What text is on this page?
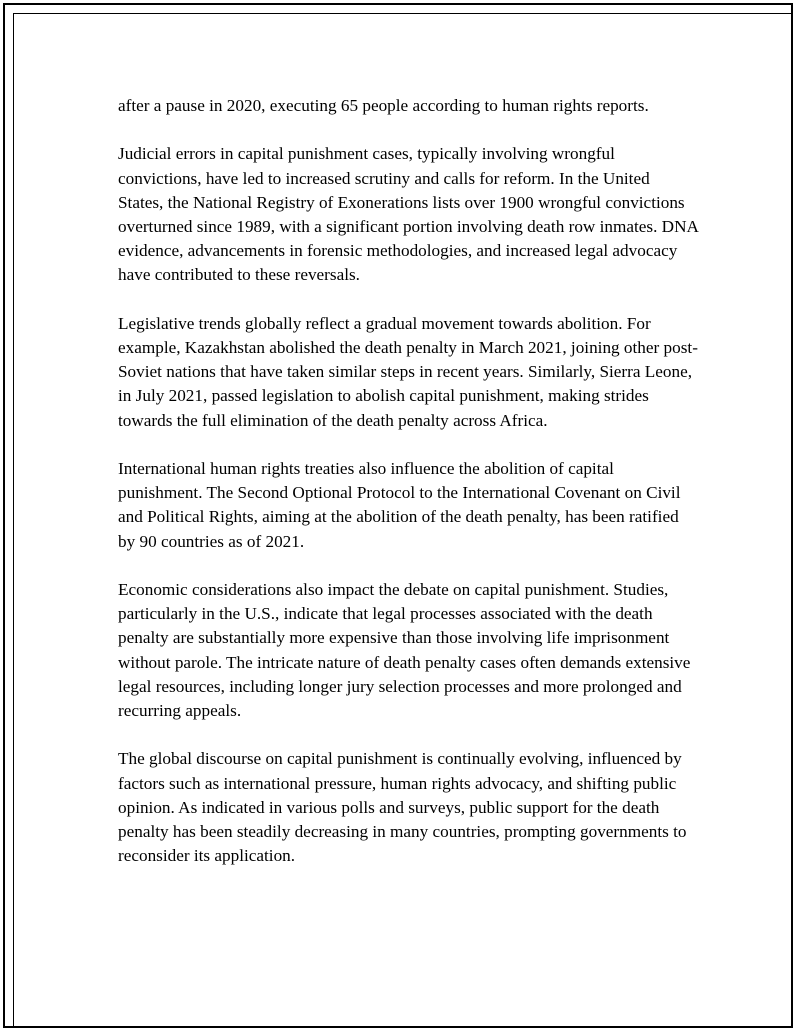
after a pause in 2020, executing 65 people according to human rights reports.

Judicial errors in capital punishment cases, typically involving wrongful convictions, have led to increased scrutiny and calls for reform. In the United States, the National Registry of Exonerations lists over 1900 wrongful convictions overturned since 1989, with a significant portion involving death row inmates. DNA evidence, advancements in forensic methodologies, and increased legal advocacy have contributed to these reversals.

Legislative trends globally reflect a gradual movement towards abolition. For example, Kazakhstan abolished the death penalty in March 2021, joining other post-Soviet nations that have taken similar steps in recent years. Similarly, Sierra Leone, in July 2021, passed legislation to abolish capital punishment, making strides towards the full elimination of the death penalty across Africa.

International human rights treaties also influence the abolition of capital punishment. The Second Optional Protocol to the International Covenant on Civil and Political Rights, aiming at the abolition of the death penalty, has been ratified by 90 countries as of 2021.

Economic considerations also impact the debate on capital punishment. Studies, particularly in the U.S., indicate that legal processes associated with the death penalty are substantially more expensive than those involving life imprisonment without parole. The intricate nature of death penalty cases often demands extensive legal resources, including longer jury selection processes and more prolonged and recurring appeals.

The global discourse on capital punishment is continually evolving, influenced by factors such as international pressure, human rights advocacy, and shifting public opinion. As indicated in various polls and surveys, public support for the death penalty has been steadily decreasing in many countries, prompting governments to reconsider its application.
